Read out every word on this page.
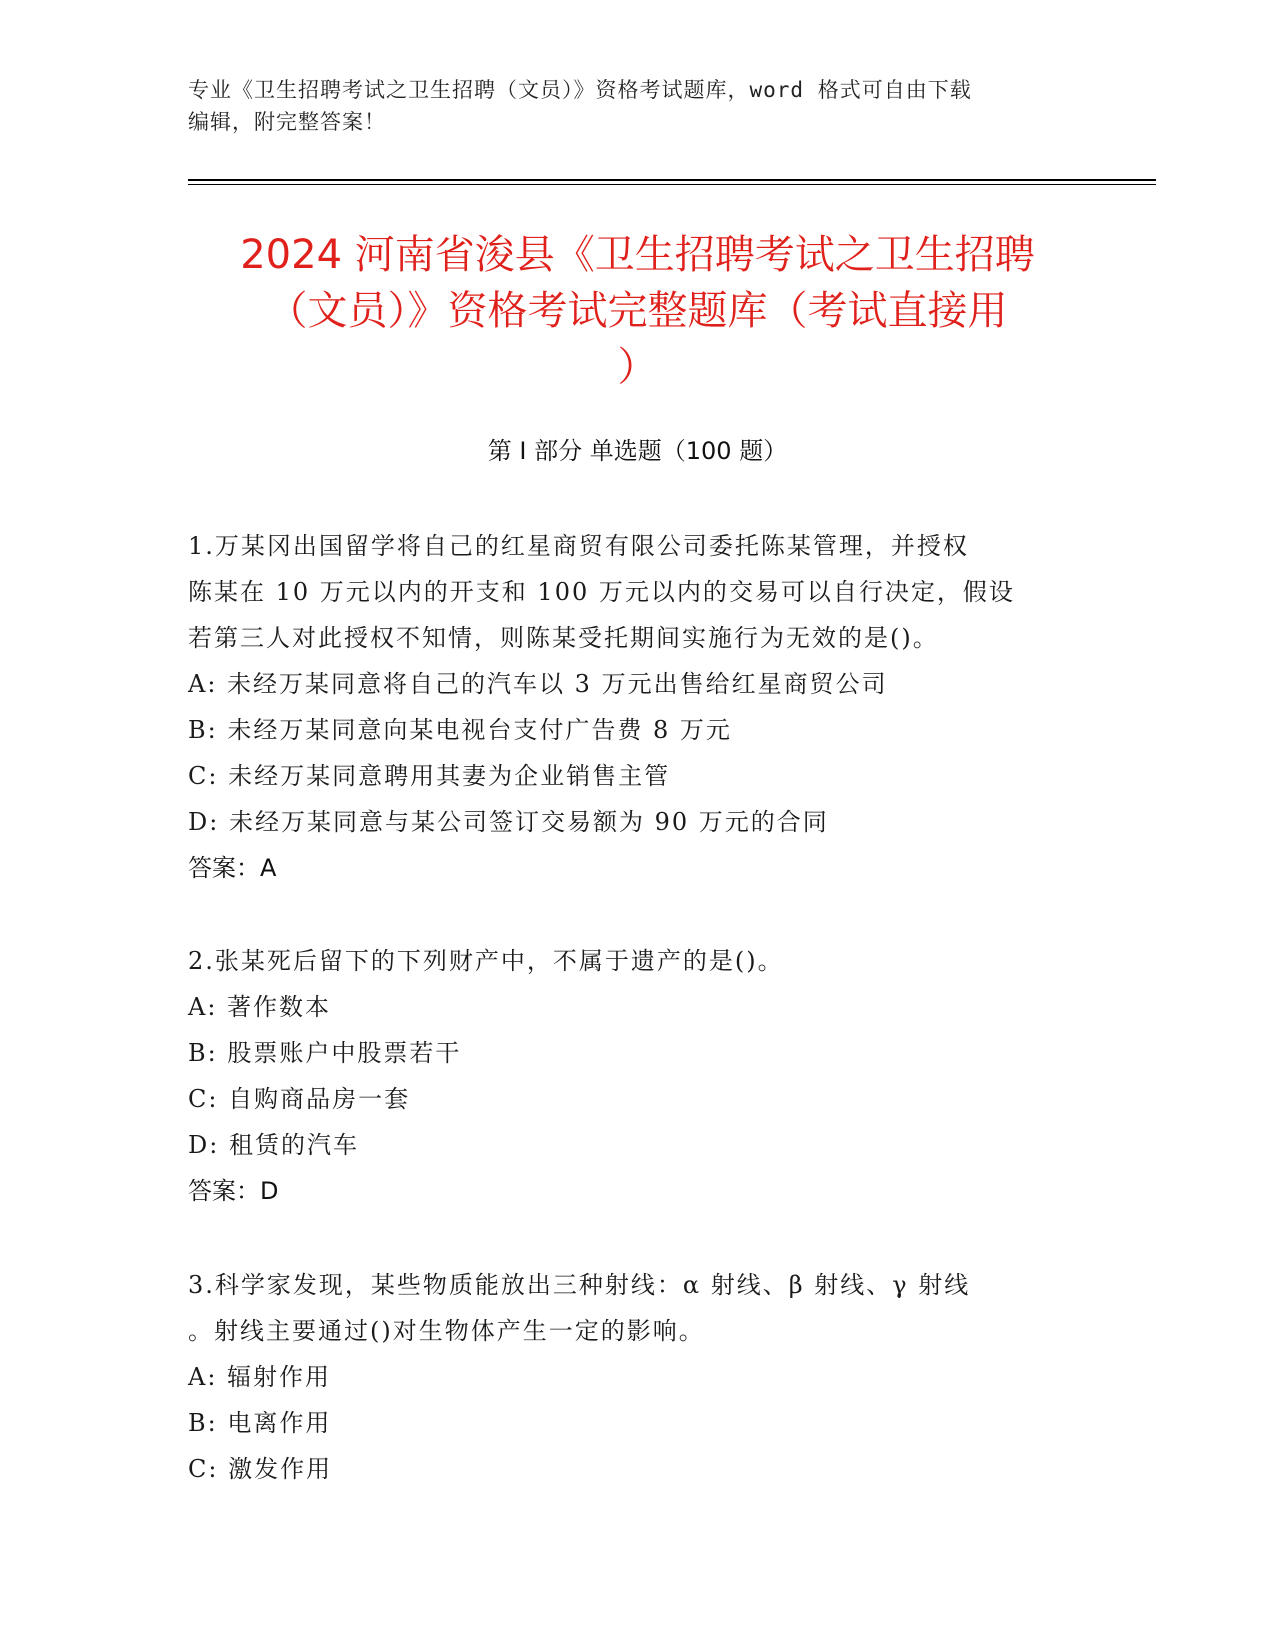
专业《卫生招聘考试之卫生招聘（文员）》资格考试题库，word 格式可自由下载
编辑，附完整答案！
2024 河南省浚县《卫生招聘考试之卫生招聘
（文员）》资格考试完整题库（考试直接用
）
第 I 部分 单选题（100 题）
1.万某冈出国留学将自己的红星商贸有限公司委托陈某管理，并授权
陈某在 10 万元以内的开支和 100 万元以内的交易可以自行决定，假设
若第三人对此授权不知情，则陈某受托期间实施行为无效的是()。
A: 未经万某同意将自己的汽车以 3 万元出售给红星商贸公司
B: 未经万某同意向某电视台支付广告费 8 万元
C: 未经万某同意聘用其妻为企业销售主管
D: 未经万某同意与某公司签订交易额为 90 万元的合同
答案：A
2.张某死后留下的下列财产中，不属于遗产的是()。
A: 著作数本
B: 股票账户中股票若干
C: 自购商品房一套
D: 租赁的汽车
答案：D
3.科学家发现，某些物质能放出三种射线：α 射线、β 射线、γ 射线
。射线主要通过()对生物体产生一定的影响。
A: 辐射作用
B: 电离作用
C: 激发作用
